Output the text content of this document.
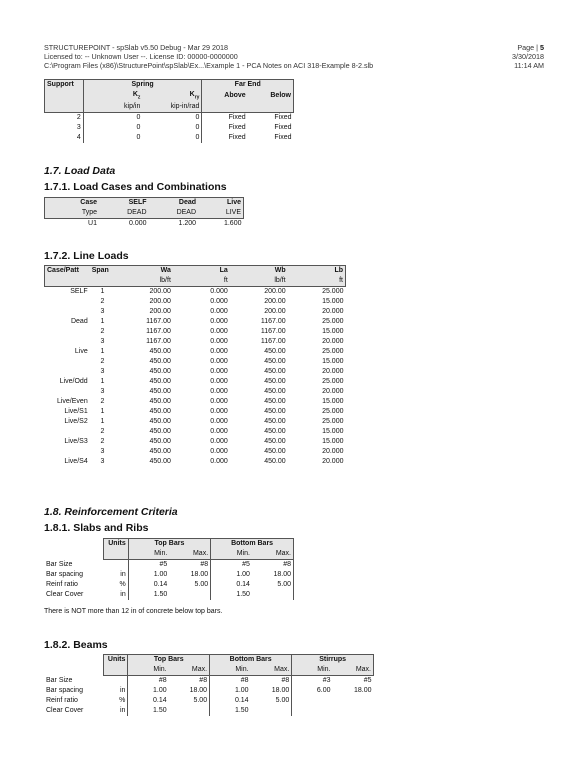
STRUCTUREPOINT - spSlab v5.50 Debug - Mar 29 2018
Licensed to: -- Unknown User --. License ID: 00000-0000000
C:\Program Files (x86)\StructurePoint\spSlab\Ex...\Example 1 - PCA Notes on ACI 318-Example 8-2.slb
Page | 5
3/30/2018
11:14 AM
Support	Spring		Far End	
	$K_z$	$K_{ry}$	Above	Below
	kip/in	kip-in/rad		
2	0	0	Fixed	Fixed
3	0	0	Fixed	Fixed
4	0	0	Fixed	Fixed
1.7. Load Data
1.7.1. Load Cases and Combinations
Case	SELF	Dead	Live
Type	DEAD	DEAD	LIVE
U1	0.000	1.200	1.600
1.7.2. Line Loads
Case/Patt	Span	Wa	La	Wb	Lb
		lb/ft	ft	lb/ft	ft
SELF	1	200.00	0.000	200.00	25.000
	2	200.00	0.000	200.00	15.000
	3	200.00	0.000	200.00	20.000
Dead	1	1167.00	0.000	1167.00	25.000
	2	1167.00	0.000	1167.00	15.000
	3	1167.00	0.000	1167.00	20.000
Live	1	450.00	0.000	450.00	25.000
	2	450.00	0.000	450.00	15.000
	3	450.00	0.000	450.00	20.000
Live/Odd	1	450.00	0.000	450.00	25.000
	3	450.00	0.000	450.00	20.000
Live/Even	2	450.00	0.000	450.00	15.000
Live/S1	1	450.00	0.000	450.00	25.000
Live/S2	1	450.00	0.000	450.00	25.000
	2	450.00	0.000	450.00	15.000
Live/S3	2	450.00	0.000	450.00	15.000
	3	450.00	0.000	450.00	20.000
Live/S4	3	450.00	0.000	450.00	20.000
1.8. Reinforcement Criteria
1.8.1. Slabs and Ribs
	Units	Top Bars		Bottom Bars	
		Min.	Max.	Min.	Max.
Bar Size		#5	#8	#5	#8
Bar spacing	in	1.00	18.00	1.00	18.00
Reinf ratio	%	0.14	5.00	0.14	5.00
Clear Cover	in	1.50		1.50	
There is NOT more than 12 in of concrete below top bars.
1.8.2. Beams
	Units	Top Bars		Bottom Bars		Stirrups	
		Min.	Max.	Min.	Max.	Min.	Max.
Bar Size		#8	#8	#8	#8	#3	#5
Bar spacing	in	1.00	18.00	1.00	18.00	6.00	18.00
Reinf ratio	%	0.14	5.00	0.14	5.00		
Clear Cover	in	1.50		1.50			
